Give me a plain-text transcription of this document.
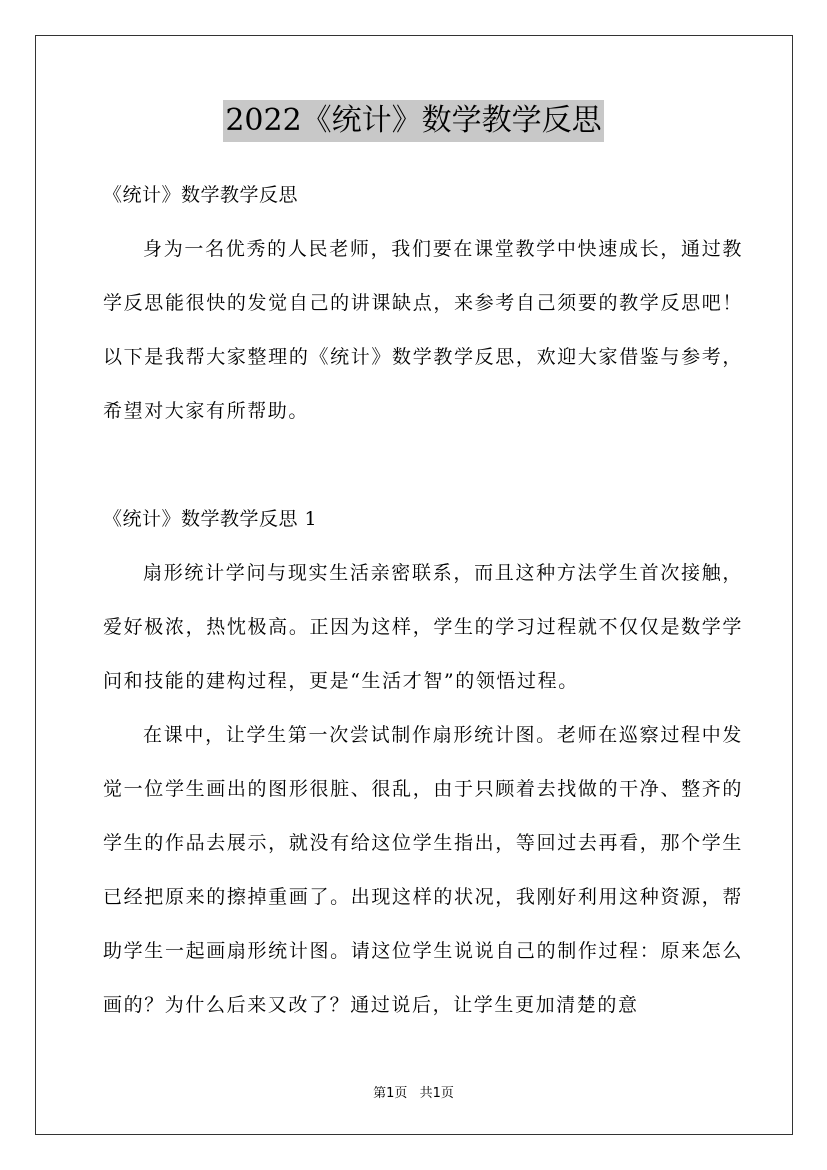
2022《统计》数学教学反思

《统计》数学教学反思

身为一名优秀的人民老师，我们要在课堂教学中快速成长，通过教学反思能很快的发觉自己的讲课缺点，来参考自己须要的教学反思吧！以下是我帮大家整理的《统计》数学教学反思，欢迎大家借鉴与参考，希望对大家有所帮助。

《统计》数学教学反思 1

扇形统计学问与现实生活亲密联系，而且这种方法学生首次接触，爱好极浓，热忱极高。正因为这样，学生的学习过程就不仅仅是数学学问和技能的建构过程，更是“生活才智”的领悟过程。

在课中，让学生第一次尝试制作扇形统计图。老师在巡察过程中发觉一位学生画出的图形很脏、很乱，由于只顾着去找做的干净、整齐的学生的作品去展示，就没有给这位学生指出，等回过去再看，那个学生已经把原来的擦掉重画了。出现这样的状况，我刚好利用这种资源，帮助学生一起画扇形统计图。请这位学生说说自己的制作过程：原来怎么画的？为什么后来又改了？通过说后，让学生更加清楚的意

第1页 共1页
